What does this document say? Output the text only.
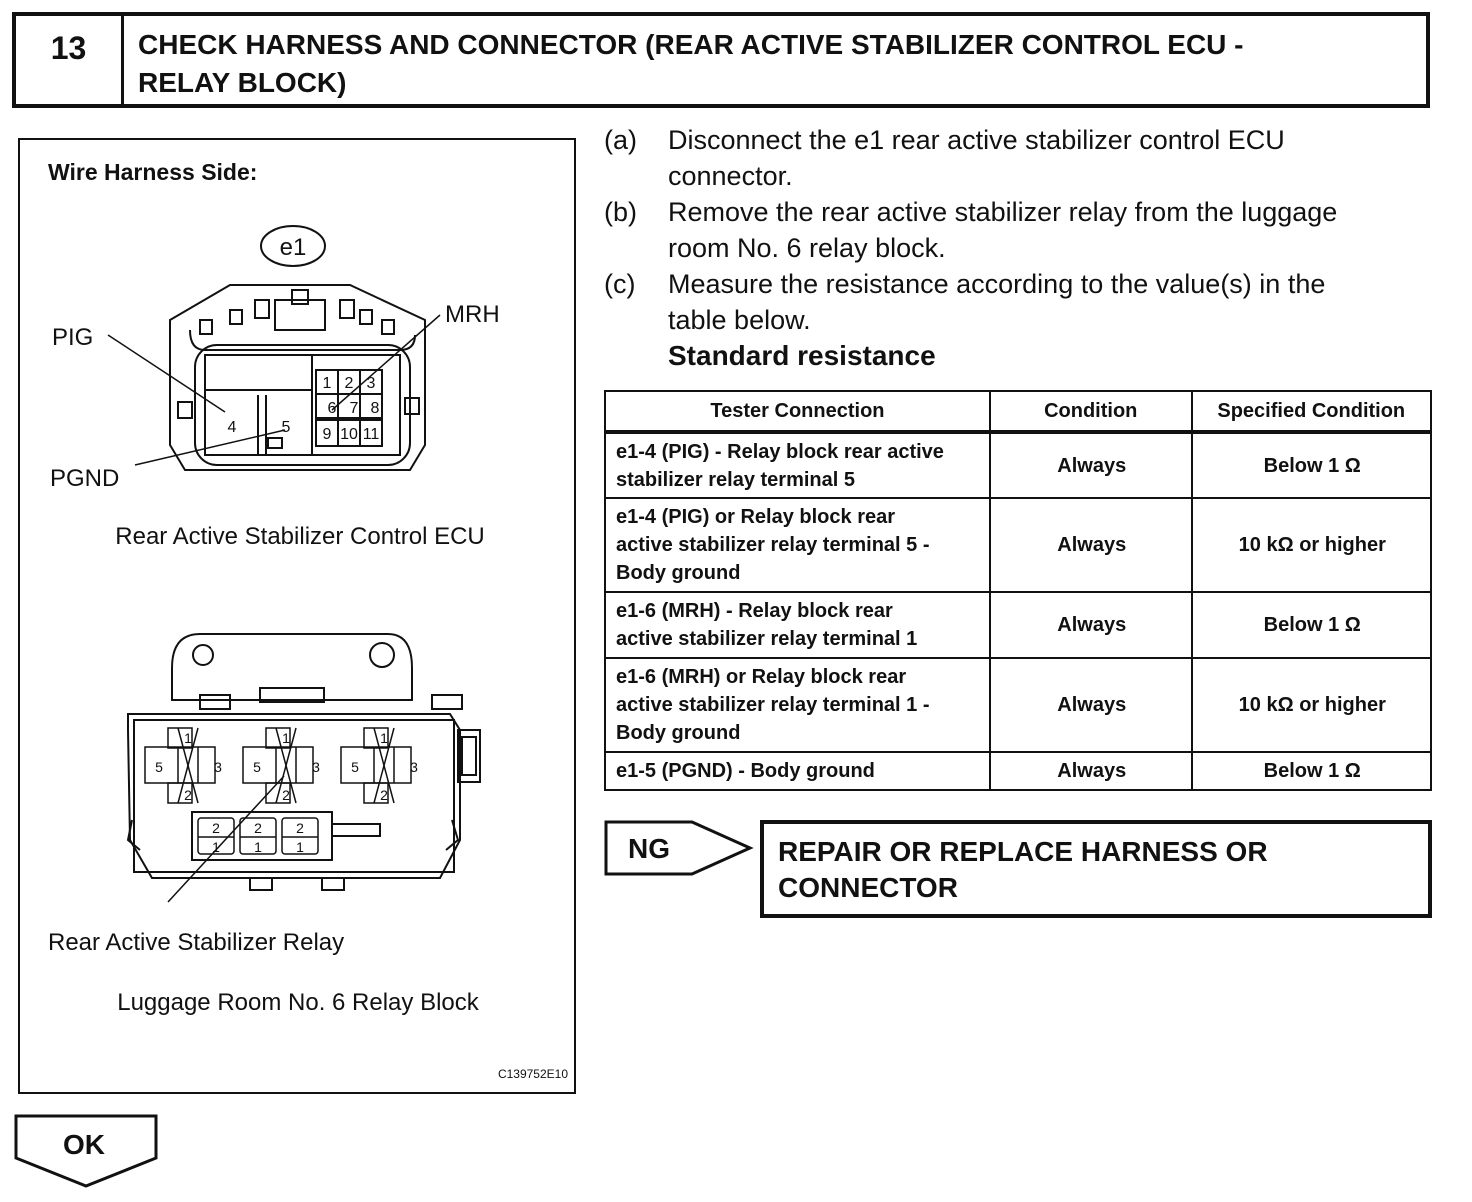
13	CHECK HARNESS AND CONNECTOR (REAR ACTIVE STABILIZER CONTROL ECU -
RELAY BLOCK)
Wire Harness Side:
e1
1 2 3
4	5
6 7 8
9 10 11
PIG
MRH
PGND
Rear Active Stabilizer Control ECU
1
5	3
2
1
5	3
2
1
5	3
2
2
1
2
1
2
1
Rear Active Stabilizer Relay
Luggage Room No. 6 Relay Block
C139752E10
(a) Disconnect the e1 rear active stabilizer control ECU
connector.
(b) Remove the rear active stabilizer relay from the luggage
room No. 6 relay block.
(c) Measure the resistance according to the value(s) in the
table below.
Standard resistance
Tester Connection	Condition	Specified Condition

e1-4 (PIG) - Relay block rear active
stabilizer relay terminal 5	Always	Below 1 Ω

e1-4 (PIG) or Relay block rear
active stabilizer relay terminal 5 -
Body ground	Always	10 kΩ or higher

e1-6 (MRH) - Relay block rear
active stabilizer relay terminal 1	Always	Below 1 Ω

e1-6 (MRH) or Relay block rear
active stabilizer relay terminal 1 -
Body ground	Always	10 kΩ or higher
e1-5 (PGND) - Body ground	Always	Below 1 Ω
NG	REPAIR OR REPLACE HARNESS OR
CONNECTOR
OK
